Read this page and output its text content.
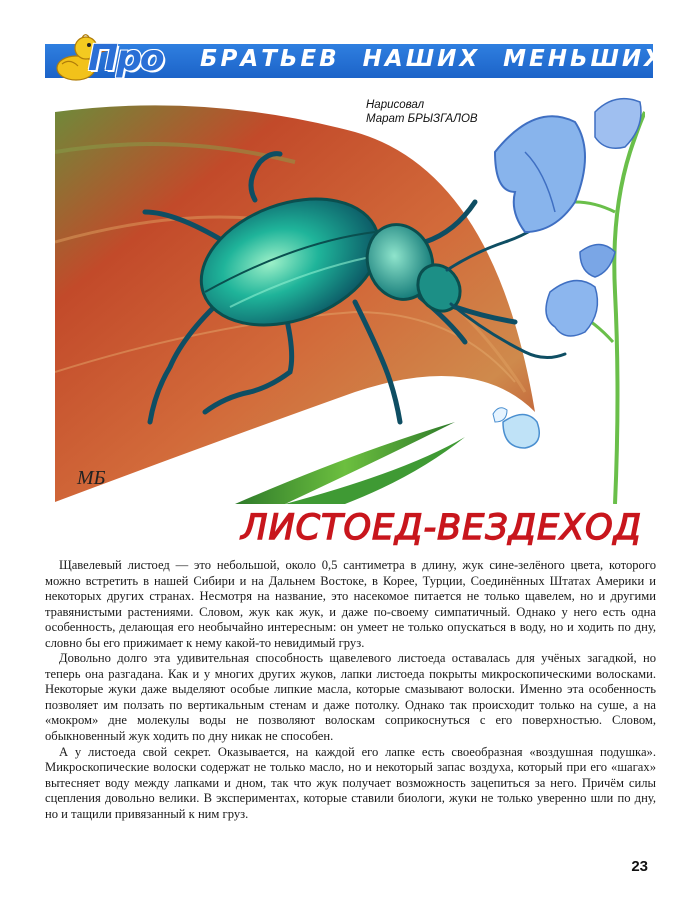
Про БРАТЬЕВ НАШИХ МЕНЬШИХ
МБ
Нарисовал
Марат БРЫЗГАЛОВ
ЛИСТОЕД-ВЕЗДЕХОД

Щавелевый листоед — это небольшой, около 0,5 сантиметра в длину, жук сине-зелёного цвета, которого можно встретить в нашей Сибири и на Дальнем Востоке, в Корее, Турции, Соединённых Штатах Америки и некоторых других странах. Несмотря на название, это насекомое питается не только щавелем, но и другими травянистыми растениями. Словом, жук как жук, и даже по-своему симпатичный. Однако у него есть одна особенность, делающая его необычайно интересным: он умеет не только опускаться в воду, но и ходить по дну, словно бы его прижимает к нему какой-то невидимый груз.

Довольно долго эта удивительная способность щавелевого листоеда оставалась для учёных загадкой, но теперь она разгадана. Как и у многих других жуков, лапки листоеда покрыты микроскопическими волосками. Некоторые жуки даже выделяют особые липкие масла, которые смазывают волоски. Именно эта особенность позволяет им ползать по вертикальным стенам и даже потолку. Однако так происходит только на суше, а на «мокром» дне молекулы воды не позволяют волоскам соприкоснуться с его поверхностью. Словом, обыкновенный жук ходить по дну никак не способен.

А у листоеда свой секрет. Оказывается, на каждой его лапке есть своеобразная «воздушная подушка». Микроскопические волоски содержат не только масло, но и некоторый запас воздуха, который при его «шагах» вытесняет воду между лапками и дном, так что жук получает возможность зацепиться за него. Причём силы сцепления довольно велики. В экспериментах, которые ставили биологи, жуки не только уверенно шли по дну, но и тащили привязанный к ним груз.

23
